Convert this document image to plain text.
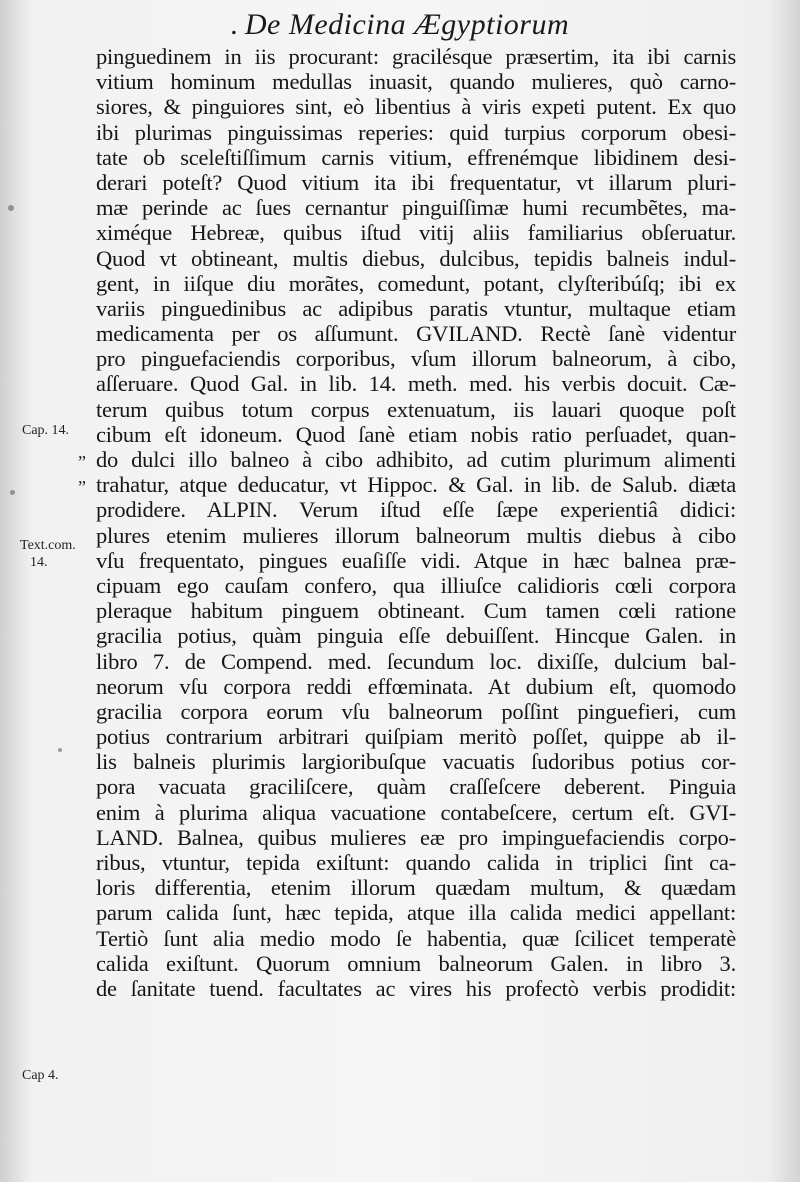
. De Medicina Ægyptiorum
Cap. 14.
”
”
Text.com.
14.
Cap 4.
pinguedinem in iis procurant: gracilésque præsertim, ita ibi carnis
vitium hominum medullas inuasit, quando mulieres, quò carno-
siores, & pinguiores sint, eò libentius à viris expeti putent. Ex quo
ibi plurimas pinguissimas reperies: quid turpius corporum obesi-
tate ob sceleſtiſſimum carnis vitium, effrenémque libidinem desi-
derari poteſt? Quod vitium ita ibi frequentatur, vt illarum pluri-
mæ perinde ac ſues cernantur pinguiſſimæ humi recumbẽtes, ma-
ximéque Hebreæ, quibus iſtud vitij aliis familiarius obſeruatur.
Quod vt obtineant, multis diebus, dulcibus, tepidis balneis indul-
gent, in iiſque diu morãtes, comedunt, potant, clyſteribúſq; ibi ex
variis pinguedinibus ac adipibus paratis vtuntur, multaque etiam
medicamenta per os aſſumunt. GVILAND. Rectè ſanè videntur
pro pinguefaciendis corporibus, vſum illorum balneorum, à cibo,
aſſeruare. Quod Gal. in lib. 14. meth. med. his verbis docuit. Cæ-
terum quibus totum corpus extenuatum, iis lauari quoque poſt
cibum eſt idoneum. Quod ſanè etiam nobis ratio perſuadet, quan-
do dulci illo balneo à cibo adhibito, ad cutim plurimum alimenti
trahatur, atque deducatur, vt Hippoc. & Gal. in lib. de Salub. diæta
prodidere. ALPIN. Verum iſtud eſſe ſæpe experientiâ didici:
plures etenim mulieres illorum balneorum multis diebus à cibo
vſu frequentato, pingues euaſiſſe vidi. Atque in hæc balnea præ-
cipuam ego cauſam confero, qua illiuſce calidioris cœli corpora
pleraque habitum pinguem obtineant. Cum tamen cœli ratione
gracilia potius, quàm pinguia eſſe debuiſſent. Hincque Galen. in
libro 7. de Compend. med. ſecundum loc. dixiſſe, dulcium bal-
neorum vſu corpora reddi effœminata. At dubium eſt, quomodo
gracilia corpora eorum vſu balneorum poſſint pinguefieri, cum
potius contrarium arbitrari quiſpiam meritò poſſet, quippe ab il-
lis balneis plurimis largioribuſque vacuatis ſudoribus potius cor-
pora vacuata graciliſcere, quàm craſſeſcere deberent. Pinguia
enim à plurima aliqua vacuatione contabeſcere, certum eſt. GVI-
LAND. Balnea, quibus mulieres eæ pro impinguefaciendis corpo-
ribus, vtuntur, tepida exiſtunt: quando calida in triplici ſint ca-
loris differentia, etenim illorum quædam multum, & quædam
parum calida ſunt, hæc tepida, atque illa calida medici appellant:
Tertiò ſunt alia medio modo ſe habentia, quæ ſcilicet temperatè
calida exiſtunt. Quorum omnium balneorum Galen. in libro 3.
de ſanitate tuend. facultates ac vires his profectò verbis prodidit:
